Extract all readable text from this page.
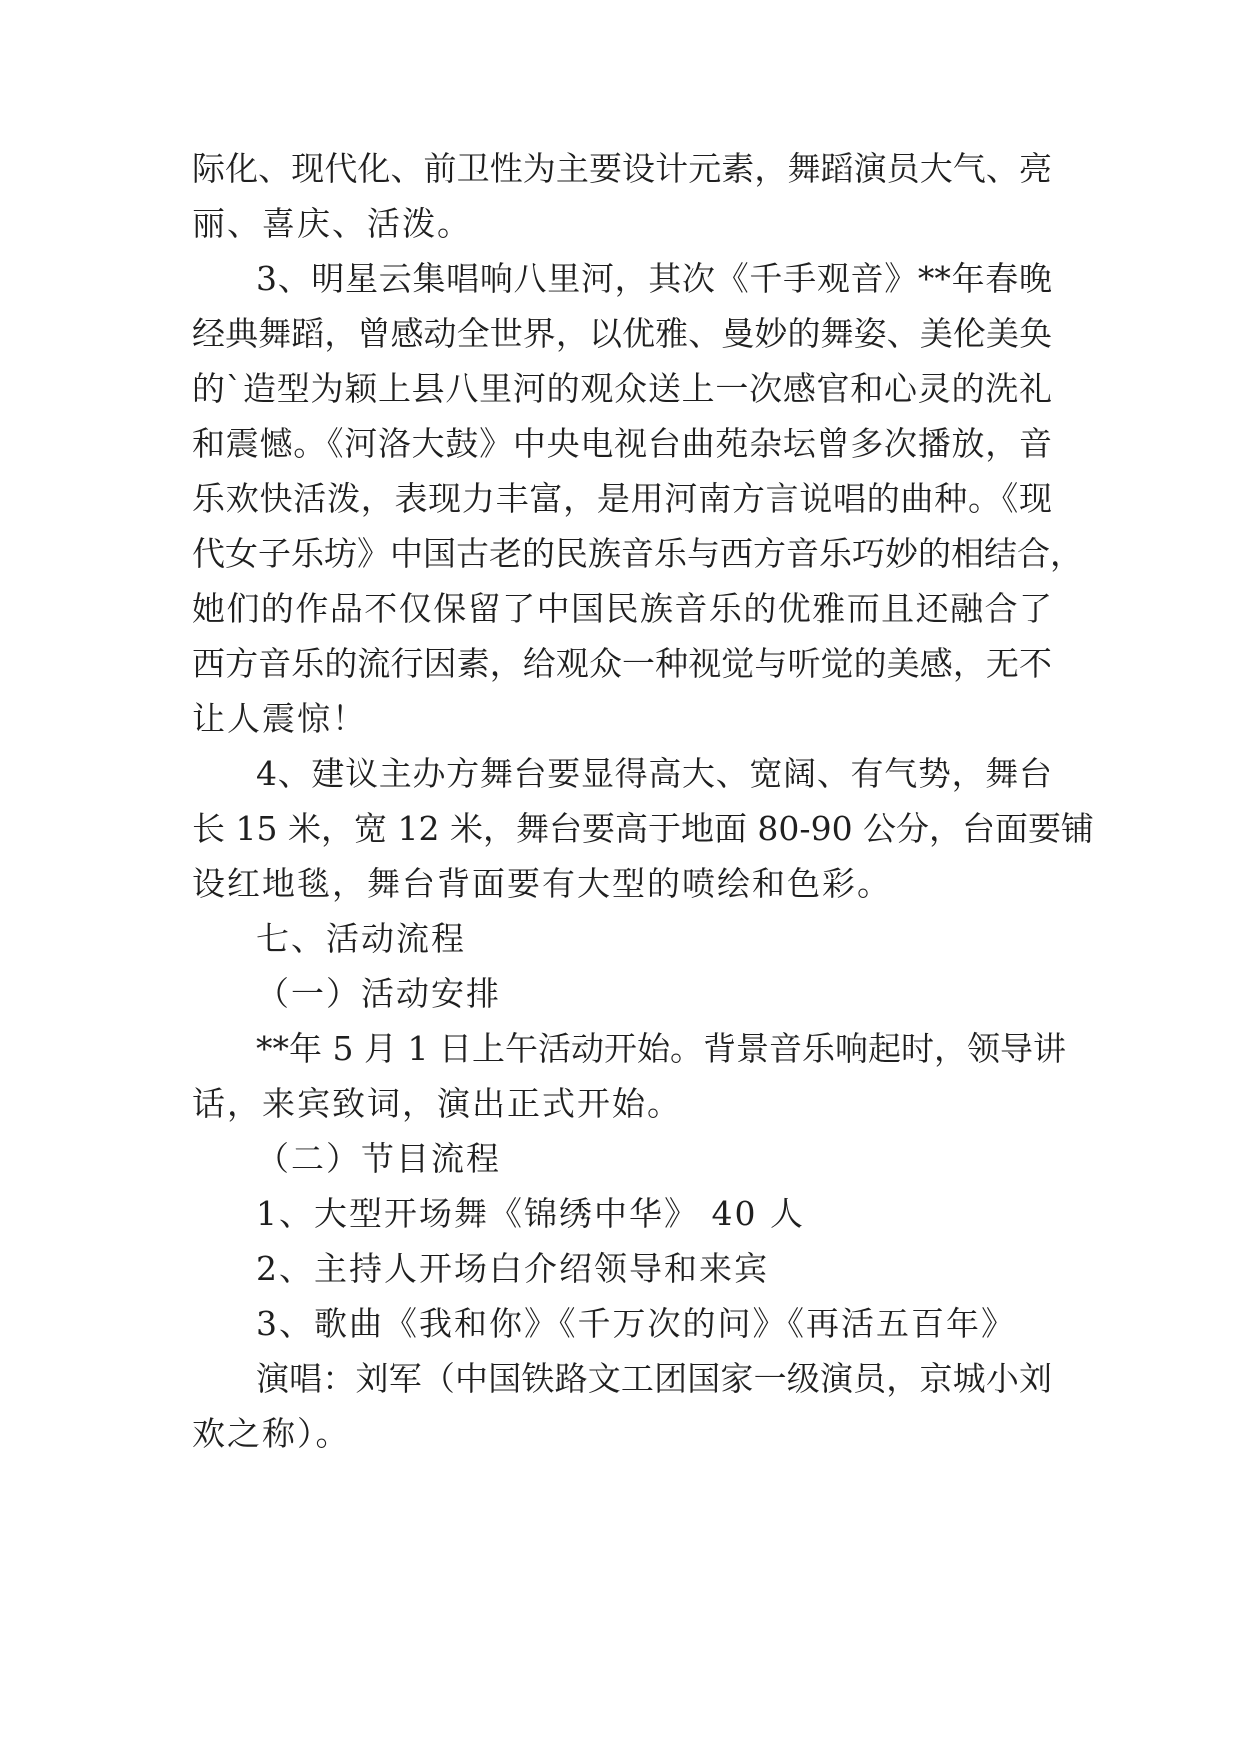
际化、现代化、前卫性为主要设计元素，舞蹈演员大气、亮
丽、喜庆、活泼。
3、明星云集唱响八里河，其次《千手观音》**年春晚
经典舞蹈，曾感动全世界，以优雅、曼妙的舞姿、美伦美奂
的`造型为颖上县八里河的观众送上一次感官和心灵的洗礼
和震憾。《河洛大鼓》中央电视台曲苑杂坛曾多次播放，音
乐欢快活泼，表现力丰富，是用河南方言说唱的曲种。《现
代女子乐坊》中国古老的民族音乐与西方音乐巧妙的相结合，
她们的作品不仅保留了中国民族音乐的优雅而且还融合了
西方音乐的流行因素，给观众一种视觉与听觉的美感，无不
让人震惊！
4、建议主办方舞台要显得高大、宽阔、有气势，舞台
长 15 米，宽 12 米，舞台要高于地面 80-90 公分，台面要铺
设红地毯，舞台背面要有大型的喷绘和色彩。
七、活动流程
（一）活动安排
**年 5 月 1 日上午活动开始。背景音乐响起时，领导讲
话，来宾致词，演出正式开始。
（二）节目流程
1、大型开场舞《锦绣中华》 40 人
2、主持人开场白介绍领导和来宾
3、歌曲《我和你》《千万次的问》《再活五百年》
演唱：刘军（中国铁路文工团国家一级演员，京城小刘
欢之称）。
